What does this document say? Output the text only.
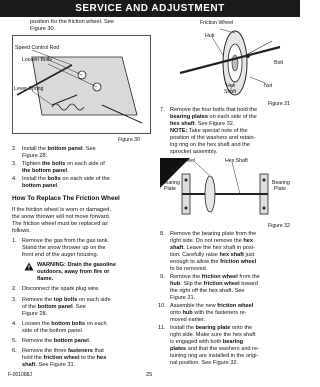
SERVICE AND ADJUSTMENT
position for the friction wheel. See
Figure 30.
Speed Control Rod
Loosen Bolts
Lever Spring
Figure 30
2. Install the bottom panel. See
Figure 28.
3. Tighten the bolts on each side of
the bottom panel.
4. Install the bolts on each side of the
bottom panel.
How To Replace The Friction Wheel
If the friction wheel is worn or damaged,
the snow thrower will not move forward.
The friction wheel must be replaced as
follows.
1. Remove the gas from the gas tank.
Stand the snow thrower up on the
front end of the auger housing.
WARNING: Drain the gasoline
outdoors, away from fire or
flame.
2. Disconnect the spark plug wire.
3. Remove the top bolts on each side
of the bottom panel. See
Figure 28.
4. Loosen the bottom bolts on each
side of the bottom panel.
5. Remove the bottom panel.
6. Remove the three fasteners that
hold the friction wheel to the hex
shaft. See Figure 31.
F-001088J
Friction Wheel
Hub
Bolt
Hex
Shaft
Nut
Figure 31
7. Remove the four bolts that hold the
bearing plates on each side of the
hex shaft. See Figure 32.
NOTE: Take special note of the
position of the washers and retain-
ing ring on the hex shaft and the
sprocket assembly.
Friction Wheel	Hex Shaft
Bearing
Plate
Bearing
Plate
Figure 32
8. Remove the bearing plate from the
right side. Do not remove the hex
shaft. Leave the hex shaft in posi-
tion. Carefully raise hex shaft just
enough to allow the friction wheel
to be removed.
9. Remove the friction wheel from the
hub. Slip the friction wheel toward
the right off the hex shaft. See
Figure 31.
10. Assemble the new friction wheel
onto hub with the fasteners re-
moved earlier.
11. Install the bearing plate onto the
right side. Make sure the hex shaft
is engaged with both bearing
plates and that the washers and re-
taining ring are installed in the origi-
nal position. See Figure 32.
25
